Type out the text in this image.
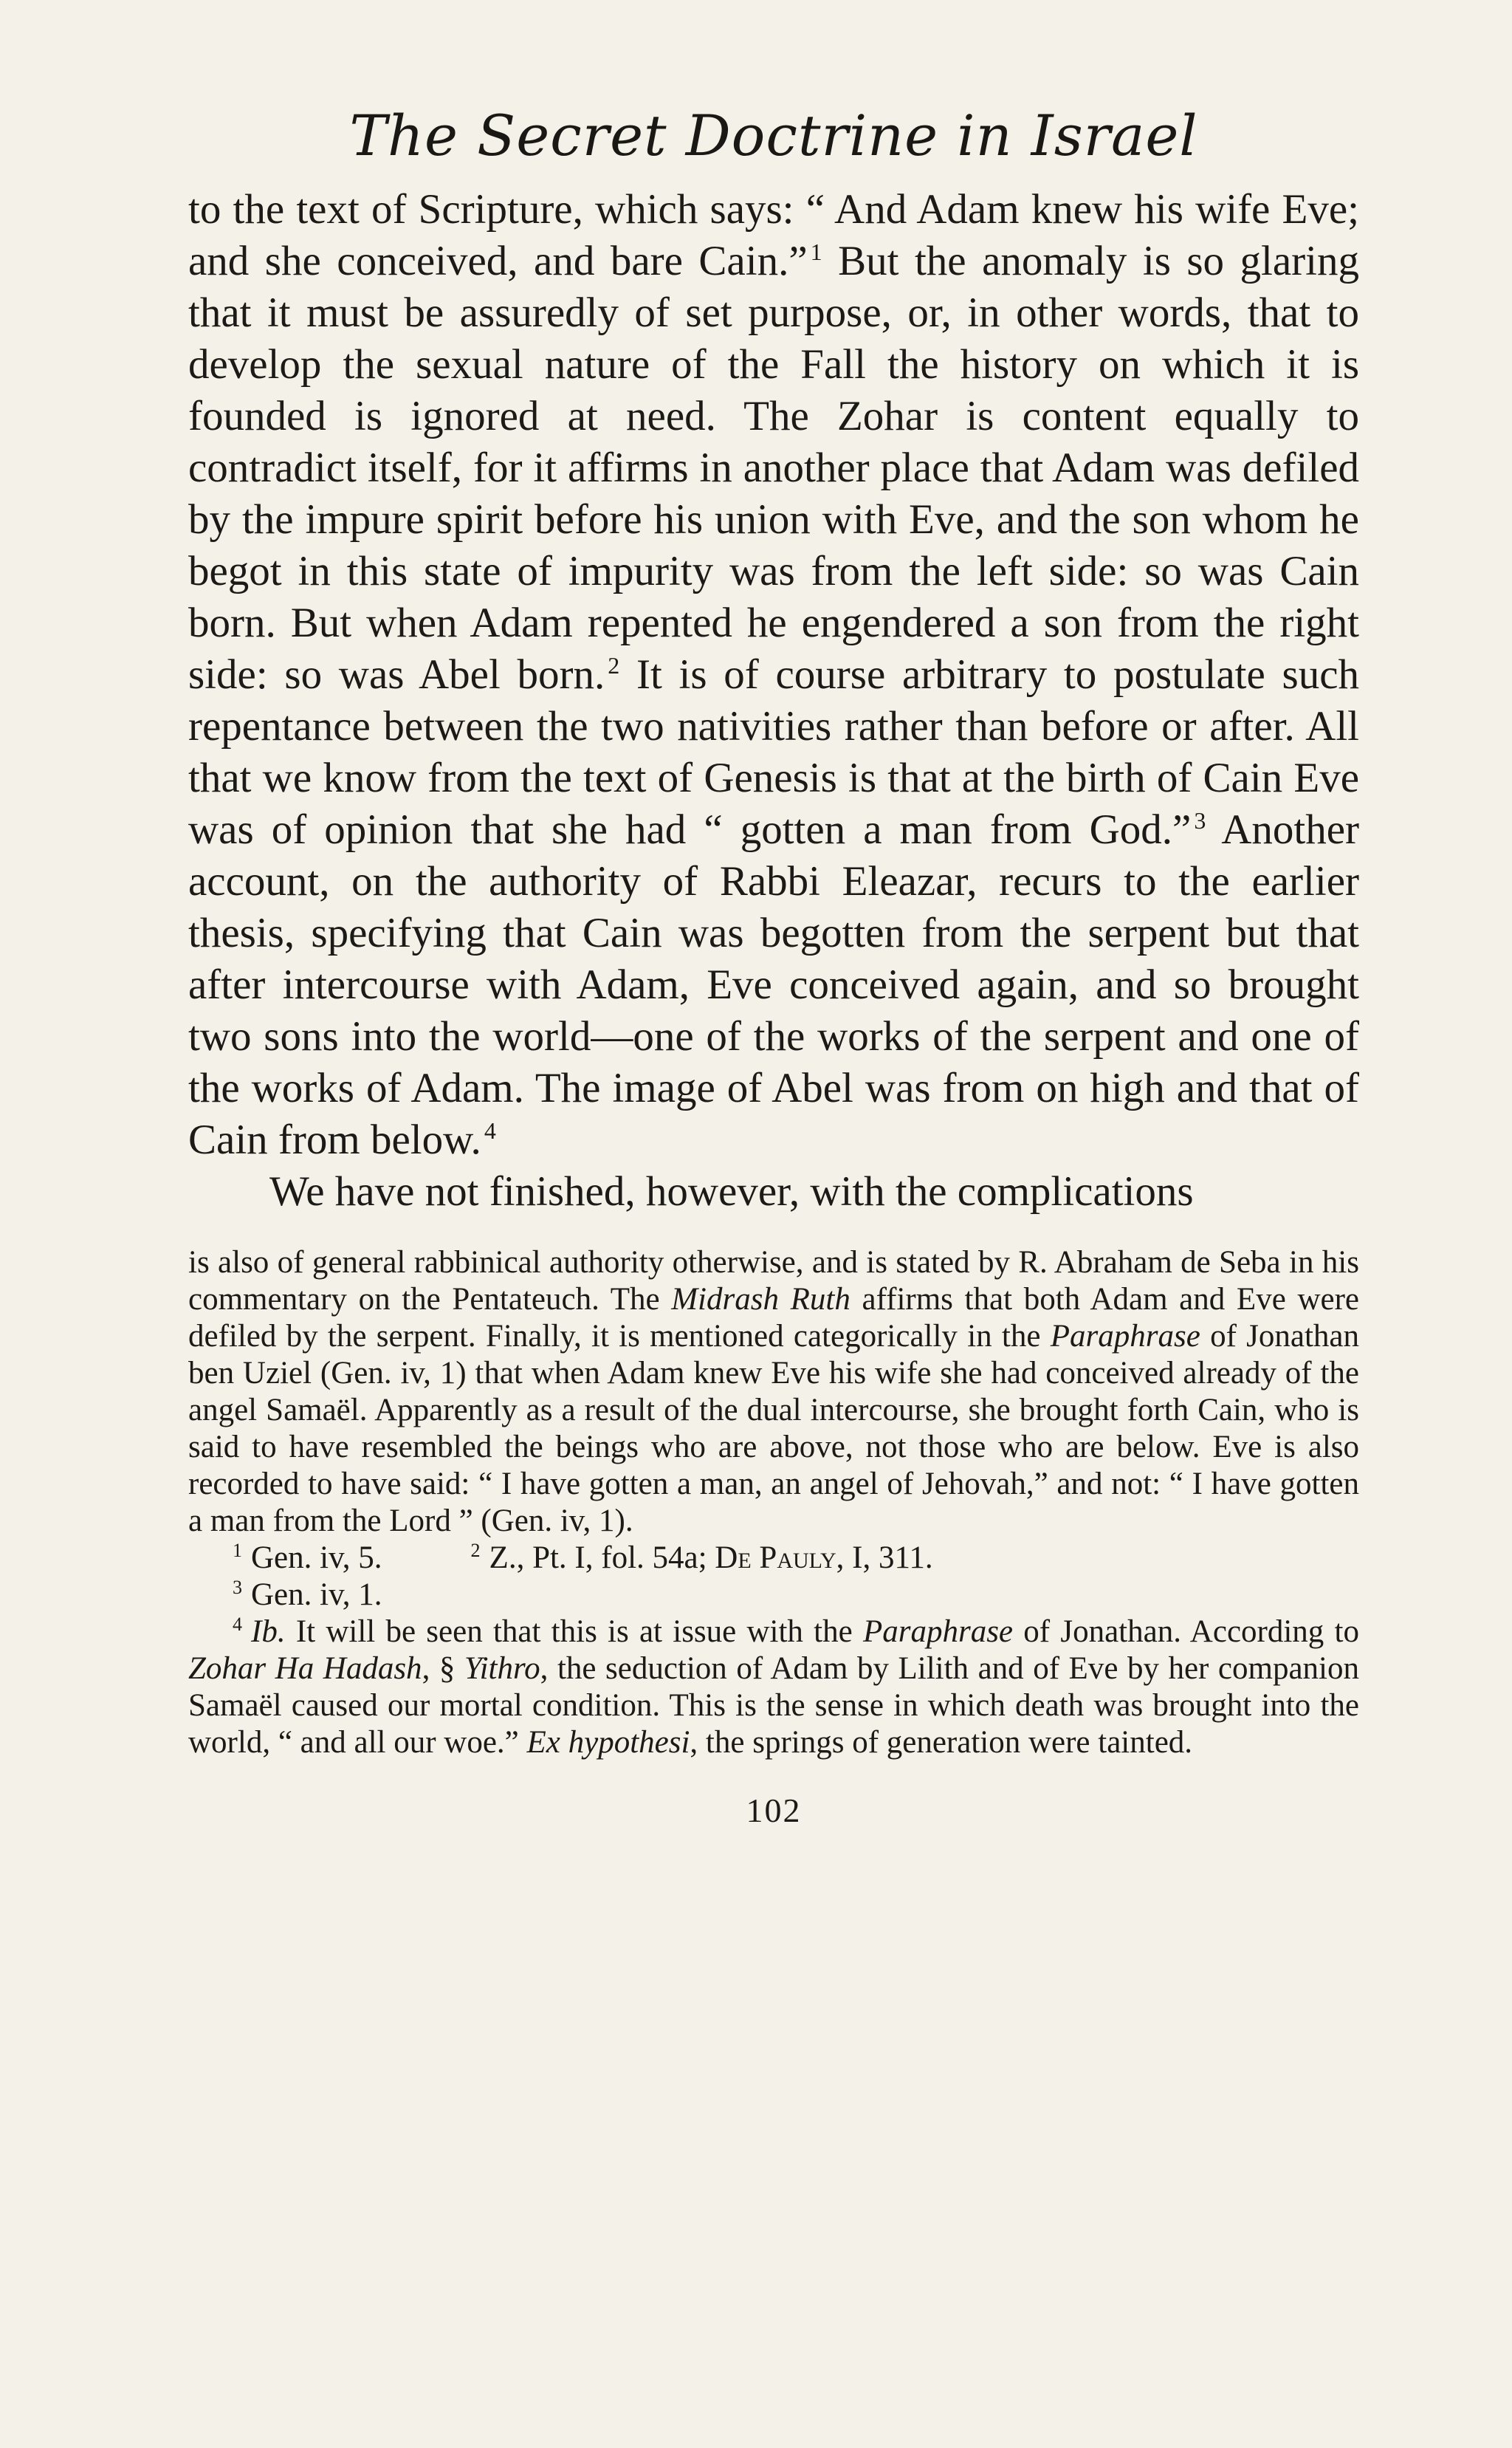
The Secret Doctrine in Israel

to the text of Scripture, which says: “ And Adam knew his wife Eve; and she conceived, and bare Cain.” $^1$ But the anomaly is so glaring that it must be assuredly of set purpose, or, in other words, that to develop the sexual nature of the Fall the history on which it is founded is ignored at need. The Zohar is content equally to contradict itself, for it affirms in another place that Adam was defiled by the impure spirit before his union with Eve, and the son whom he begot in this state of impurity was from the left side: so was Cain born. But when Adam repented he engendered a son from the right side: so was Abel born. $^2$ It is of course arbitrary to postulate such repentance between the two nativities rather than before or after. All that we know from the text of Genesis is that at the birth of Cain Eve was of opinion that she had “ gotten a man from God.” $^3$ Another account, on the authority of Rabbi Eleazar, recurs to the earlier thesis, specifying that Cain was begotten from the serpent but that after intercourse with Adam, Eve conceived again, and so brought two sons into the world—one of the works of the serpent and one of the works of Adam. The image of Abel was from on high and that of Cain from below. $^4$

We have not finished, however, with the complications

is also of general rabbinical authority otherwise, and is stated by R. Abraham de Seba in his commentary on the Pentateuch. The Midrash Ruth affirms that both Adam and Eve were defiled by the serpent. Finally, it is mentioned categorically in the Paraphrase of Jonathan ben Uziel (Gen. iv, 1) that when Adam knew Eve his wife she had conceived already of the angel Samaël. Apparently as a result of the dual intercourse, she brought forth Cain, who is said to have resembled the beings who are above, not those who are below. Eve is also recorded to have said: “ I have gotten a man, an angel of Jehovah,” and not: “ I have gotten a man from the Lord ” (Gen. iv, 1).

$^1$ Gen. iv, 5.	$^2$ Z., Pt. I, fol. 54a; De Pauly, I, 311.

$^3$ Gen. iv, 1.

$^4$ Ib. It will be seen that this is at issue with the Paraphrase of Jonathan. According to Zohar Ha Hadash, § Yithro, the seduction of Adam by Lilith and of Eve by her companion Samaël caused our mortal condition. This is the sense in which death was brought into the world, “ and all our woe.” Ex hypothesi, the springs of generation were tainted.

102
